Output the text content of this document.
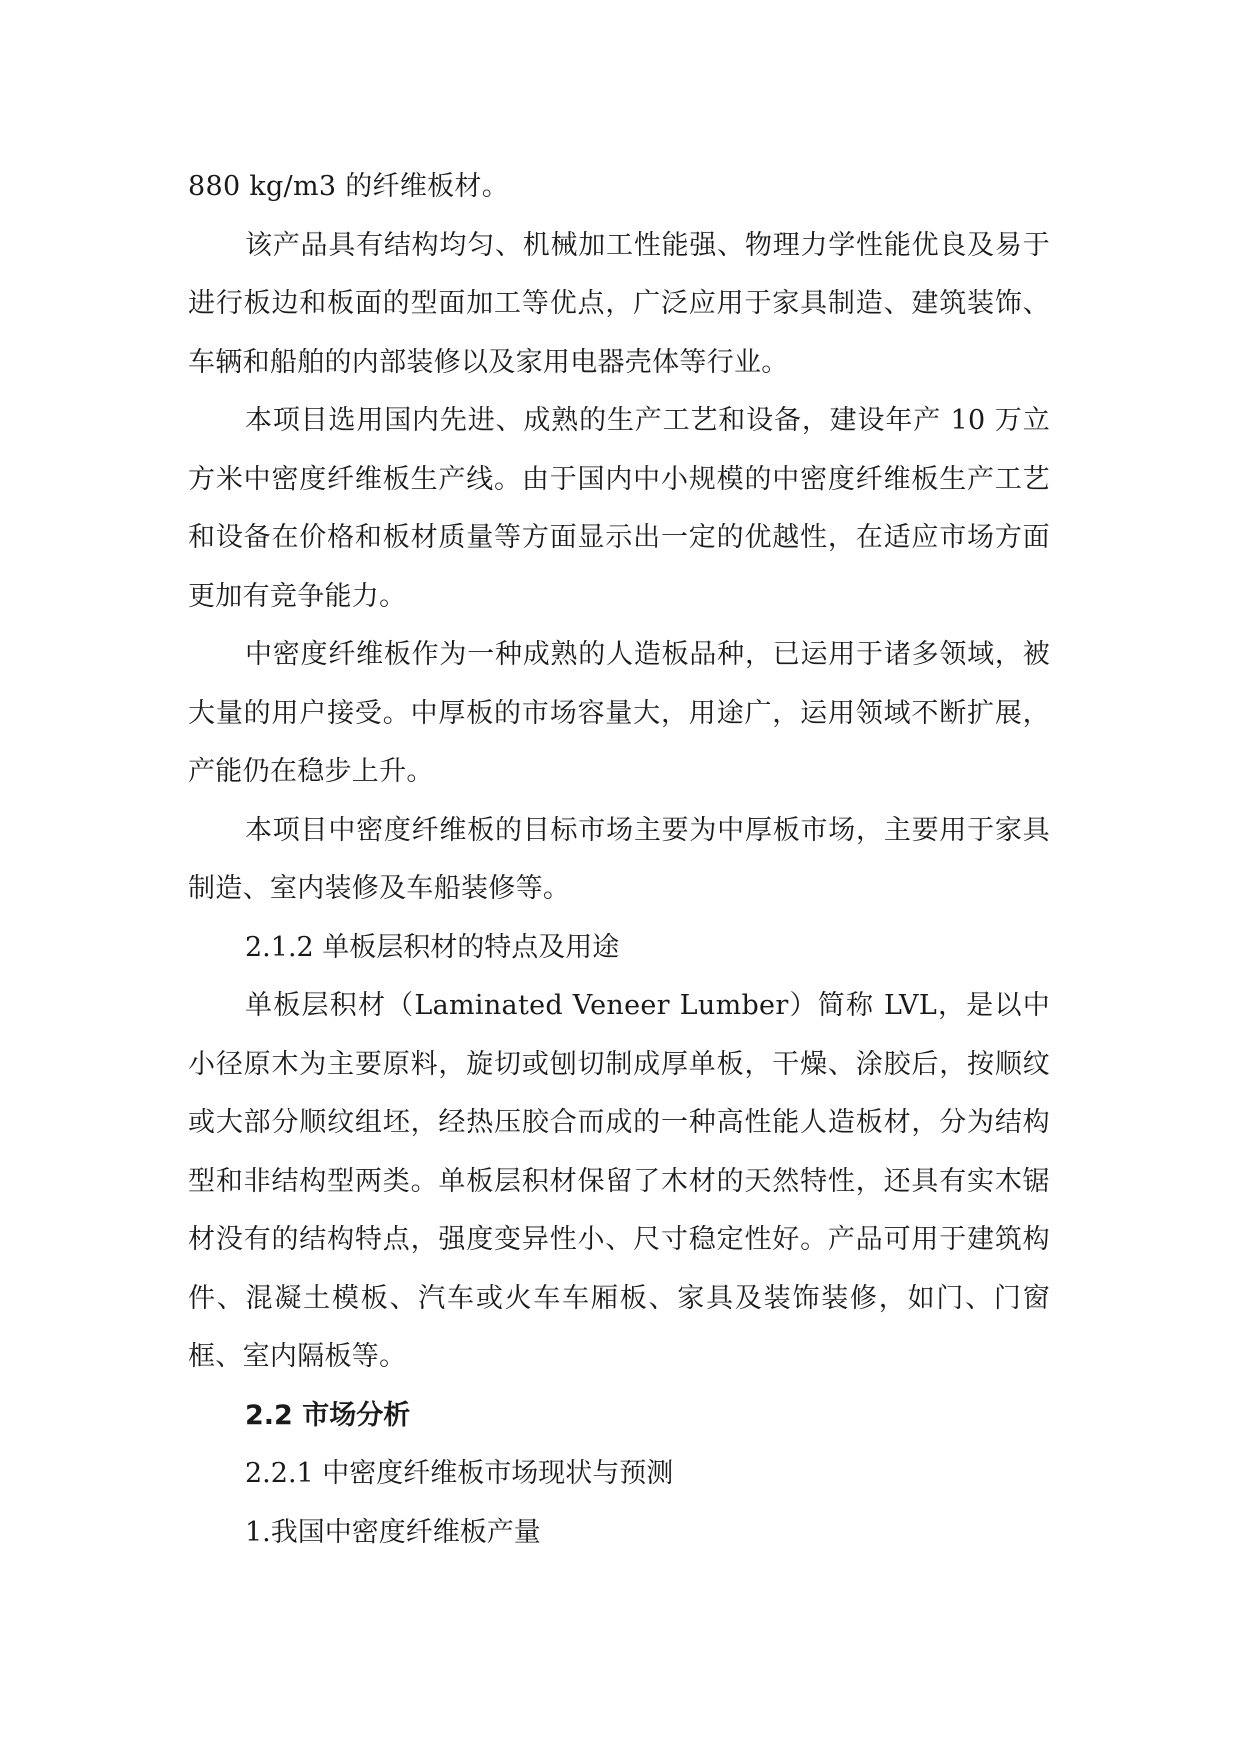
880 kg/m3 的纤维板材。

该产品具有结构均匀、机械加工性能强、物理力学性能优良及易于进行板边和板面的型面加工等优点，广泛应用于家具制造、建筑装饰、车辆和船舶的内部装修以及家用电器壳体等行业。

本项目选用国内先进、成熟的生产工艺和设备，建设年产 10 万立方米中密度纤维板生产线。由于国内中小规模的中密度纤维板生产工艺和设备在价格和板材质量等方面显示出一定的优越性，在适应市场方面更加有竞争能力。

中密度纤维板作为一种成熟的人造板品种，已运用于诸多领域，被大量的用户接受。中厚板的市场容量大，用途广，运用领域不断扩展，产能仍在稳步上升。

本项目中密度纤维板的目标市场主要为中厚板市场，主要用于家具制造、室内装修及车船装修等。

2.1.2 单板层积材的特点及用途

单板层积材（Laminated Veneer Lumber）简称 LVL，是以中小径原木为主要原料，旋切或刨切制成厚单板，干燥、涂胶后，按顺纹或大部分顺纹组坯，经热压胶合而成的一种高性能人造板材，分为结构型和非结构型两类。单板层积材保留了木材的天然特性，还具有实木锯材没有的结构特点，强度变异性小、尺寸稳定性好。产品可用于建筑构件、混凝土模板、汽车或火车车厢板、家具及装饰装修，如门、门窗框、室内隔板等。

2.2 市场分析

2.2.1 中密度纤维板市场现状与预测

1.我国中密度纤维板产量
